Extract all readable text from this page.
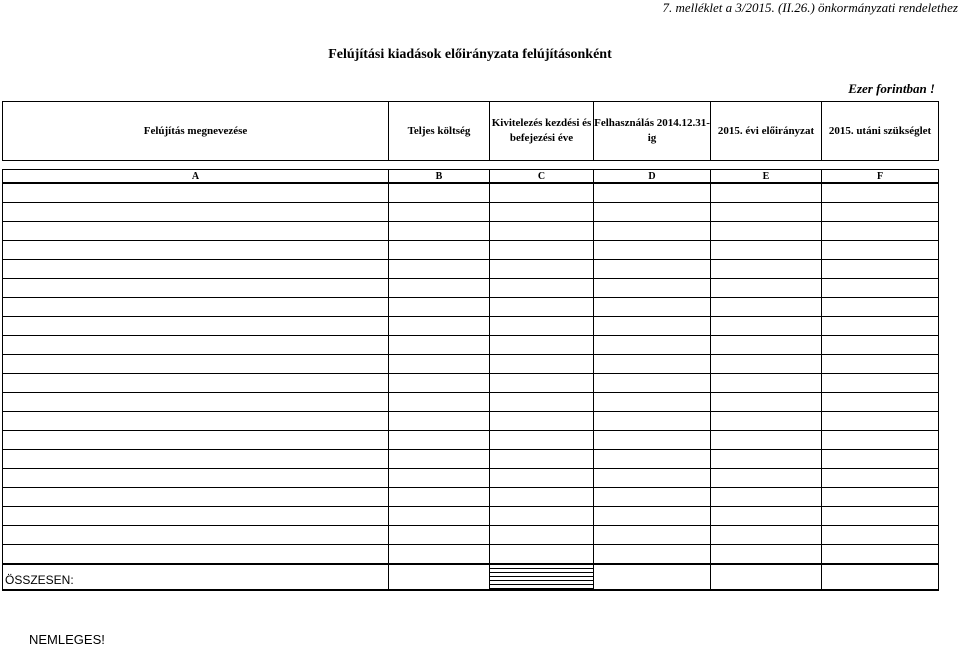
7. melléklet a 3/2015. (II.26.) önkormányzati rendelethez
Felújítási kiadások előirányzata felújításonként
Ezer forintban !
Felújítás megnevezése	Teljes költség	Kivitelezés kezdési és befejezési éve	Felhasználás 2014.12.31-ig	2015. évi előirányzat	2015. utáni szükséglet

A	B	C	D	E	F

ÖSSZESEN:					
NEMLEGES!
